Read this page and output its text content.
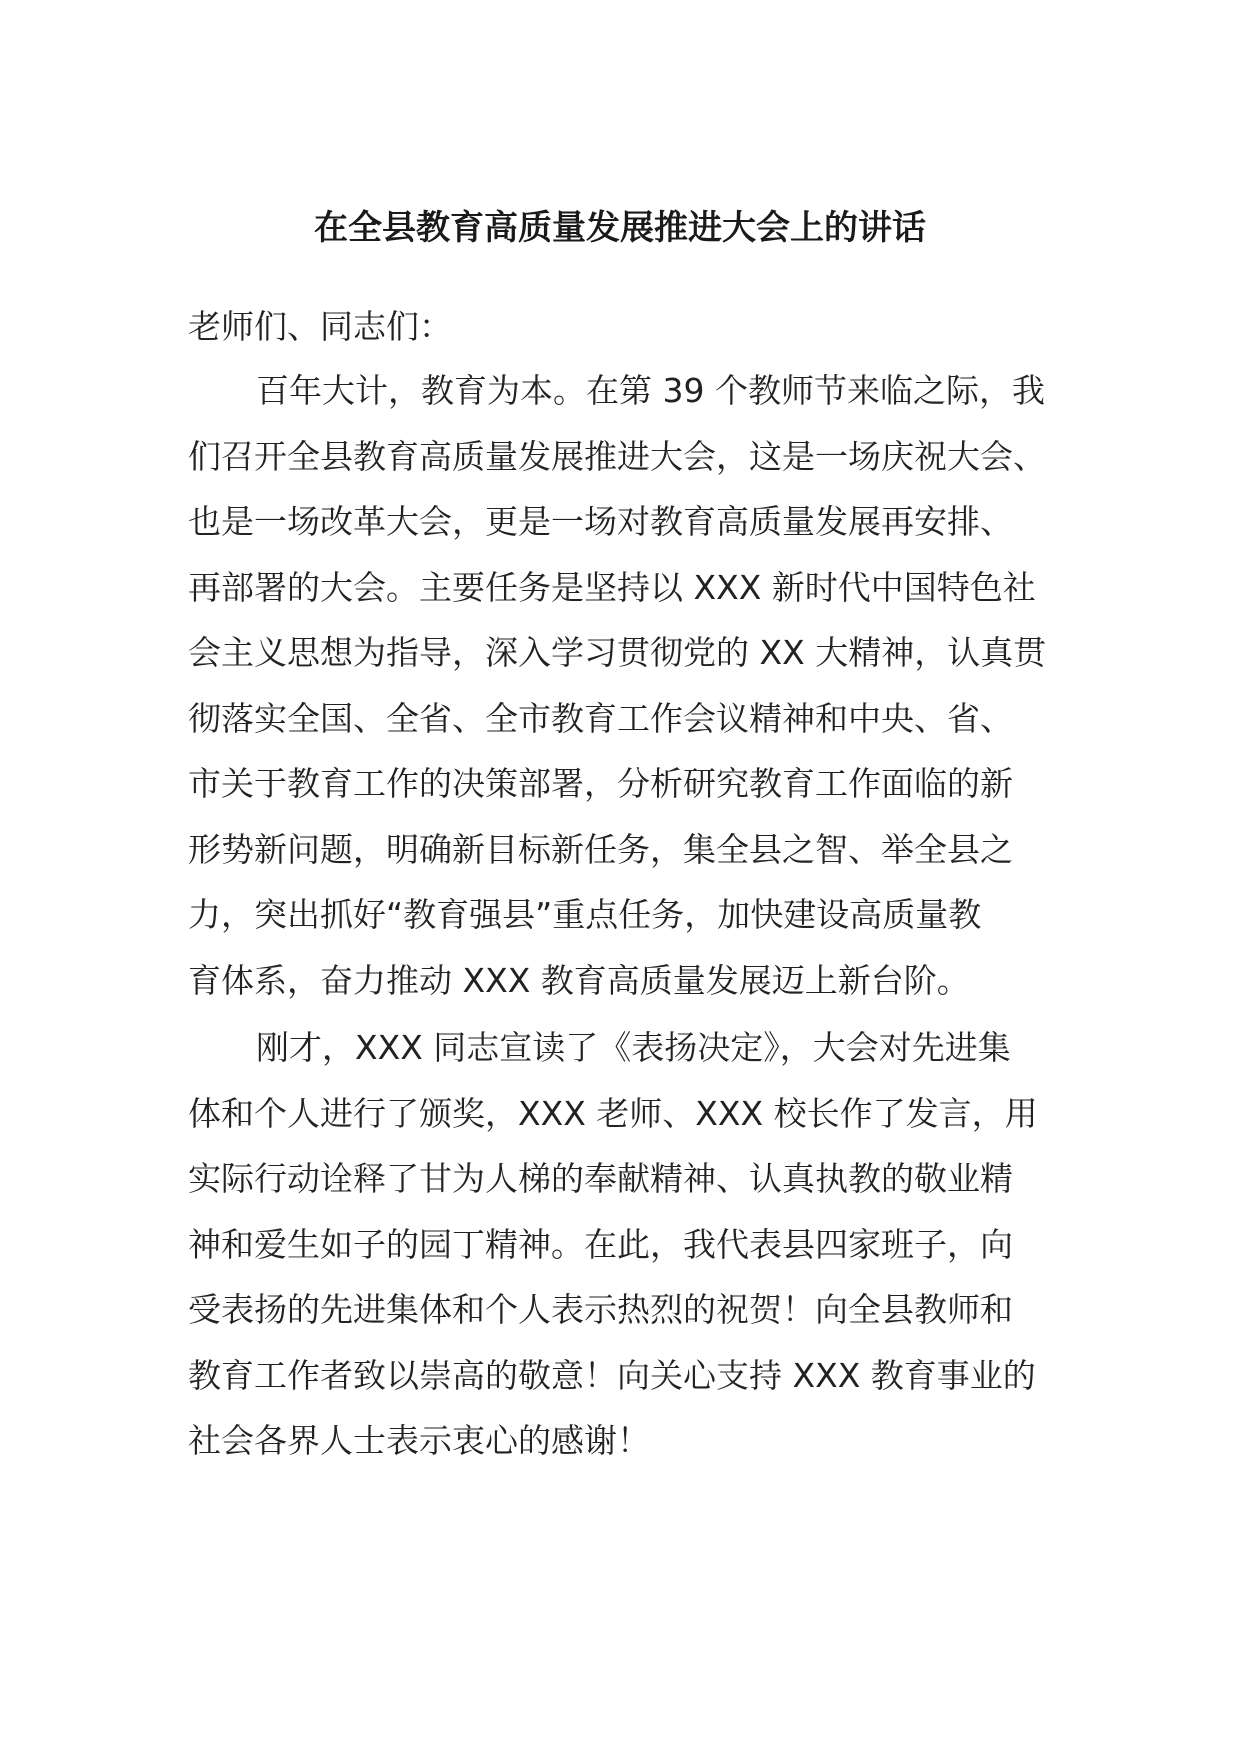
在全县教育高质量发展推进大会上的讲话

老师们、同志们：

百年大计，教育为本。在第 39 个教师节来临之际，我
们召开全县教育高质量发展推进大会，这是一场庆祝大会、
也是一场改革大会，更是一场对教育高质量发展再安排、
再部署的大会。主要任务是坚持以 XXX 新时代中国特色社
会主义思想为指导，深入学习贯彻党的 XX 大精神，认真贯
彻落实全国、全省、全市教育工作会议精神和中央、省、
市关于教育工作的决策部署，分析研究教育工作面临的新
形势新问题，明确新目标新任务，集全县之智、举全县之
力，突出抓好“教育强县”重点任务，加快建设高质量教
育体系，奋力推动 XXX 教育高质量发展迈上新台阶。

刚才，XXX 同志宣读了《表扬决定》，大会对先进集
体和个人进行了颁奖，XXX 老师、XXX 校长作了发言，用
实际行动诠释了甘为人梯的奉献精神、认真执教的敬业精
神和爱生如子的园丁精神。在此，我代表县四家班子，向
受表扬的先进集体和个人表示热烈的祝贺！向全县教师和
教育工作者致以崇高的敬意！向关心支持 XXX 教育事业的
社会各界人士表示衷心的感谢！
